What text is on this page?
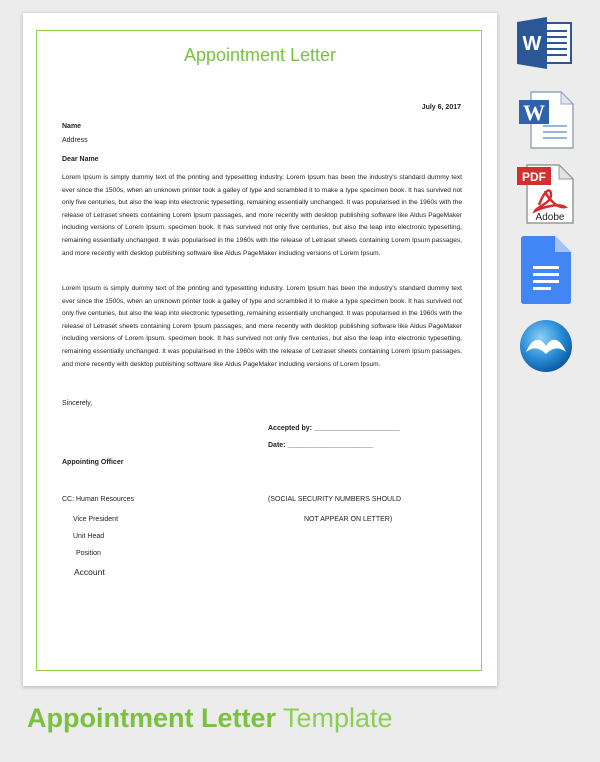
Appointment Letter
July 6, 2017
Name
Address
Dear Name

Lorem Ipsum is simply dummy text of the printing and typesetting industry. Lorem Ipsum has been the industry's standard dummy text ever since the 1500s, when an unknown printer took a galley of type and scrambled it to make a type specimen book. It has survived not only five centuries, but also the leap into electronic typesetting, remaining essentially unchanged. It was popularised in the 1960s with the release of Letraset sheets containing Lorem Ipsum passages, and more recently with desktop publishing software like Aldus PageMaker including versions of Lorem Ipsum. specimen book. It has survived not only five centuries, but also the leap into electronic typesetting, remaining essentially unchanged. It was popularised in the 1960s with the release of Letraset sheets containing Lorem Ipsum passages, and more recently with desktop publishing software like Aldus PageMaker including versions of Lorem Ipsum.

Lorem Ipsum is simply dummy text of the printing and typesetting industry. Lorem Ipsum has been the industry's standard dummy text ever since the 1500s, when an unknown printer took a galley of type and scrambled it to make a type specimen book. It has survived not only five centuries, but also the leap into electronic typesetting, remaining essentially unchanged. It was popularised in the 1960s with the release of Letraset sheets containing Lorem Ipsum passages, and more recently with desktop publishing software like Aldus PageMaker including versions of Lorem Ipsum. specimen book. It has survived not only five centuries, but also the leap into electronic typesetting, remaining essentially unchanged. It was popularised in the 1960s with the release of Letraset sheets containing Lorem Ipsum passages, and more recently with desktop publishing software like Aldus PageMaker including versions of Lorem Ipsum.

Sincerely,
Accepted by: ______________________
Date: ______________________
Appointing Officer
CC: Human Resources	(SOCIAL SECURITY NUMBERS SHOULD
NOT APPEAR ON LETTER)
Vice President
Unit Head
Position
Account
W
W
PDF
Adobe
Appointment Letter Template
